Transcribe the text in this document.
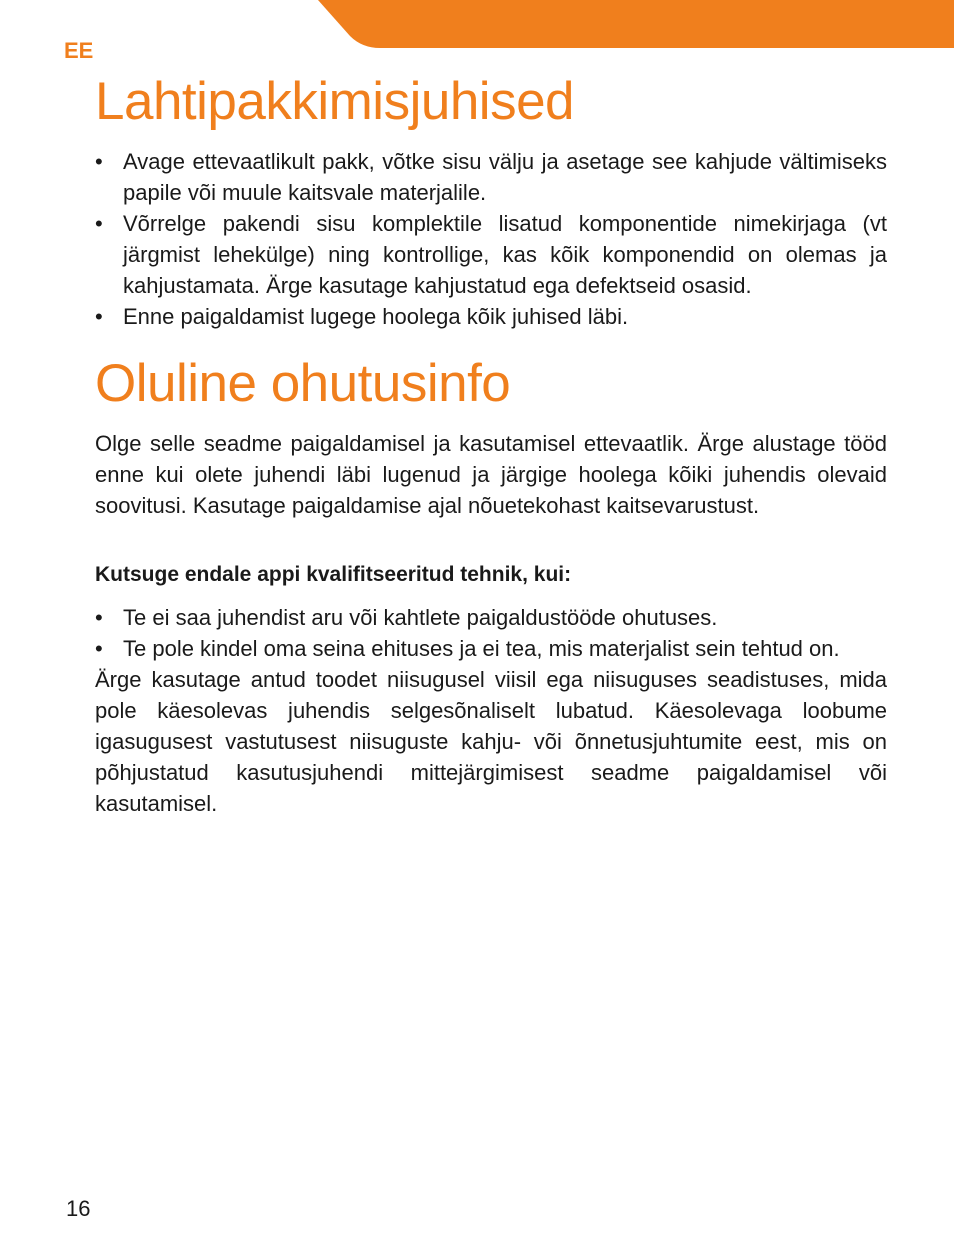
EE
Lahtipakkimisjuhised
• Avage ettevaatlikult pakk, võtke sisu välju ja asetage see kahjude vältimiseks papile või muule kaitsvale materjalile.
• Võrrelge pakendi sisu komplektile lisatud komponentide nimekirjaga (vt järgmist lehekülge) ning kontrollige, kas kõik komponendid on olemas ja kahjustamata. Ärge kasutage kahjustatud ega defektseid osasid.
• Enne paigaldamist lugege hoolega kõik juhised läbi.
Oluline ohutusinfo

Olge selle seadme paigaldamisel ja kasutamisel ettevaatlik. Ärge alustage tööd enne kui olete juhendi läbi lugenud ja järgige hoolega kõiki juhendis olevaid soovitusi. Kasutage paigaldamise ajal nõuetekohast kaitsevarustust.

Kutsuge endale appi kvalifitseeritud tehnik, kui:

• Te ei saa juhendist aru või kahtlete paigaldustööde ohutuses.
• Te pole kindel oma seina ehituses ja ei tea, mis materjalist sein tehtud on.

Ärge kasutage antud toodet niisugusel viisil ega niisuguses seadistuses, mida pole käesolevas juhendis selgesõnaliselt lubatud. Käesolevaga loobume igasugusest vastutusest niisuguste kahju- või õnnetusjuhtumite eest, mis on põhjustatud kasutusjuhendi mittejärgimisest seadme paigaldamisel või kasutamisel.

16
